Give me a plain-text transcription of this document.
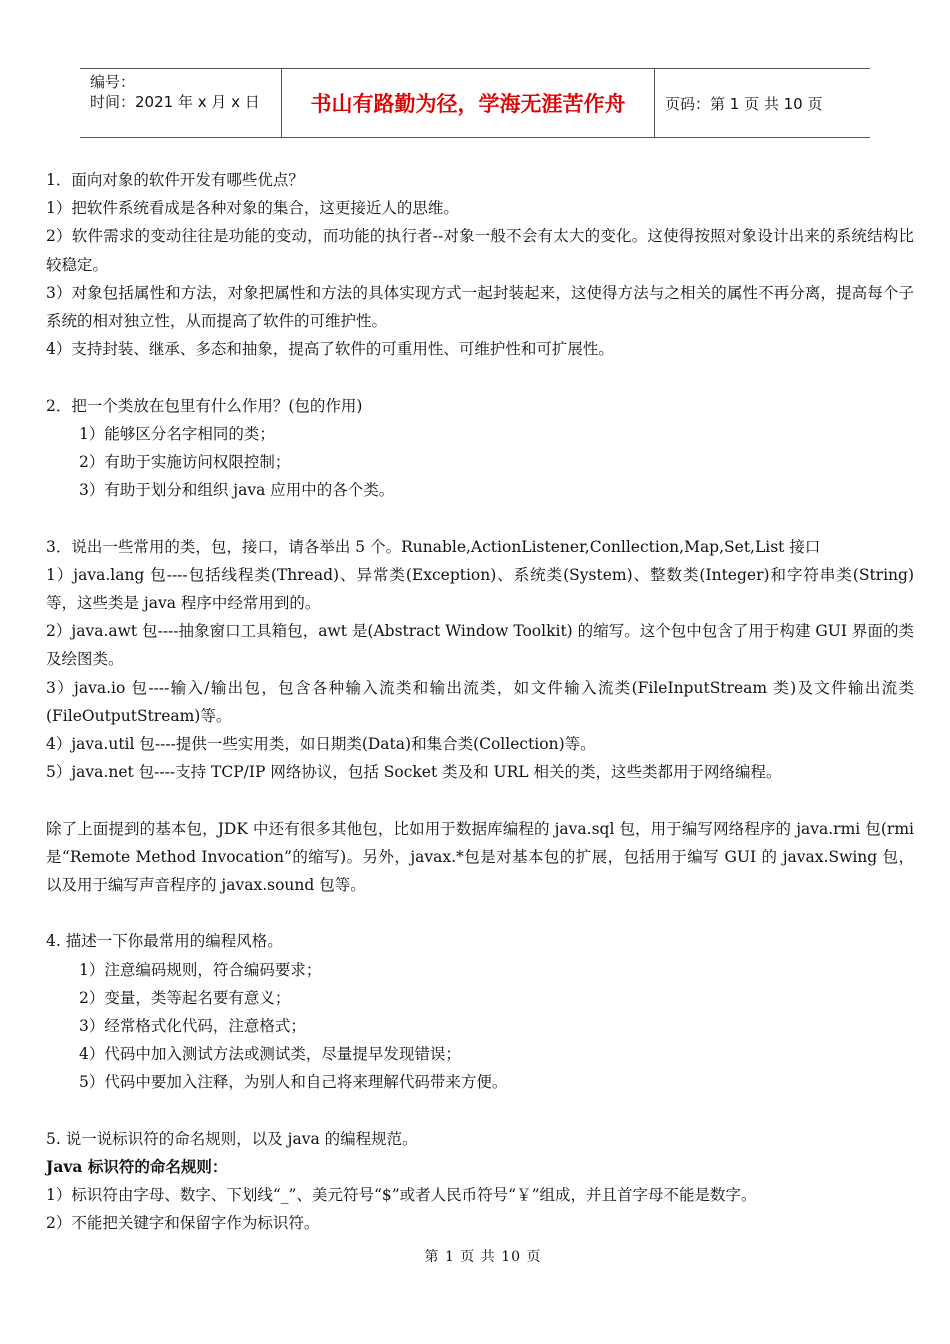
编号：
时间：2021 年 x 月 x 日	书山有路勤为径，学海无涯苦作舟	页码：第 1 页 共 10 页

1．面向对象的软件开发有哪些优点？

1）把软件系统看成是各种对象的集合，这更接近人的思维。

2）软件需求的变动往往是功能的变动，而功能的执行者--对象一般不会有太大的变化。这使得按照对象设计出来的系统结构比较稳定。

3）对象包括属性和方法，对象把属性和方法的具体实现方式一起封装起来，这使得方法与之相关的属性不再分离，提高每个子系统的相对独立性，从而提高了软件的可维护性。

4）支持封装、继承、多态和抽象，提高了软件的可重用性、可维护性和可扩展性。

2．把一个类放在包里有什么作用？(包的作用)

1）能够区分名字相同的类；

2）有助于实施访问权限控制；

3）有助于划分和组织 java 应用中的各个类。

3．说出一些常用的类，包，接口，请各举出 5 个。Runable,ActionListener,Conllection,Map,Set,List 接口

1）java.lang 包----包括线程类(Thread)、异常类(Exception)、系统类(System)、整数类(Integer)和字符串类(String)等，这些类是 java 程序中经常用到的。

2）java.awt 包----抽象窗口工具箱包，awt 是(Abstract Window Toolkit) 的缩写。这个包中包含了用于构建 GUI 界面的类及绘图类。

3）java.io 包----输入/输出包，包含各种输入流类和输出流类，如文件输入流类(FileInputStream 类)及文件输出流类(FileOutputStream)等。

4）java.util 包----提供一些实用类，如日期类(Data)和集合类(Collection)等。

5）java.net 包----支持 TCP/IP 网络协议，包括 Socket 类及和 URL 相关的类，这些类都用于网络编程。

除了上面提到的基本包，JDK 中还有很多其他包，比如用于数据库编程的 java.sql 包，用于编写网络程序的 java.rmi 包(rmi 是“Remote Method Invocation”的缩写)。另外，javax.*包是对基本包的扩展，包括用于编写 GUI 的 javax.Swing 包，以及用于编写声音程序的 javax.sound 包等。

4. 描述一下你最常用的编程风格。

1）注意编码规则，符合编码要求；

2）变量，类等起名要有意义；

3）经常格式化代码，注意格式；

4）代码中加入测试方法或测试类，尽量提早发现错误；

5）代码中要加入注释，为别人和自己将来理解代码带来方便。

5. 说一说标识符的命名规则，以及 java 的编程规范。

Java 标识符的命名规则：

1）标识符由字母、数字、下划线“_”、美元符号“$”或者人民币符号“￥”组成，并且首字母不能是数字。

2）不能把关键字和保留字作为标识符。

第 1 页 共 10 页
